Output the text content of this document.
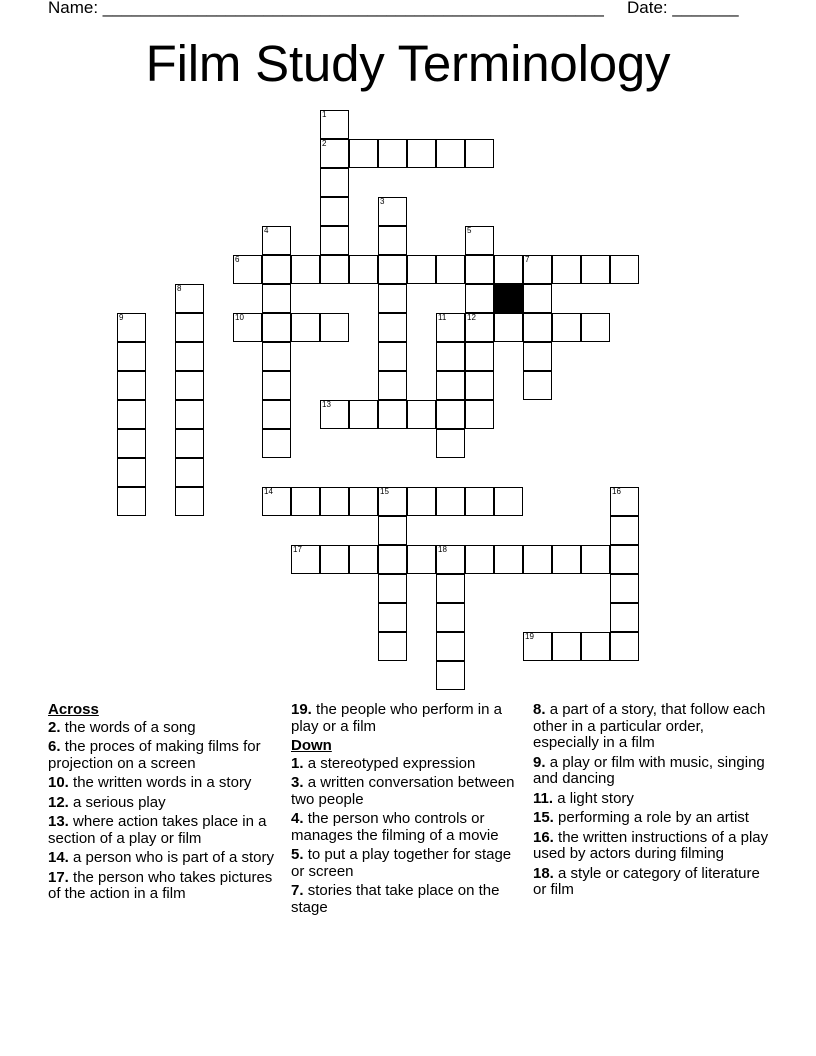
Name: _____________________________________________________ Date: _______
Film Study Terminology
1
2
3
4	5
12
6	7
8
9	10	11
13
14	15	16
17	18
19
Across
2. the words of a song
6. the proces of making films for projection on a screen
10. the written words in a story
12. a serious play
13. where action takes place in a section of a play or film
14. a person who is part of a story
17. the person who takes pictures of the action in a film
19. the people who perform in a play or a film
Down
1. a stereotyped expression
3. a written conversation between two people
4. the person who controls or manages the filming of a movie
5. to put a play together for stage or screen
7. stories that take place on the stage
8. a part of a story, that follow each other in a particular order, especially in a film
9. a play or film with music, singing and dancing
11. a light story
15. performing a role by an artist
16. the written instructions of a play used by actors during filming
18. a style or category of literature or film
